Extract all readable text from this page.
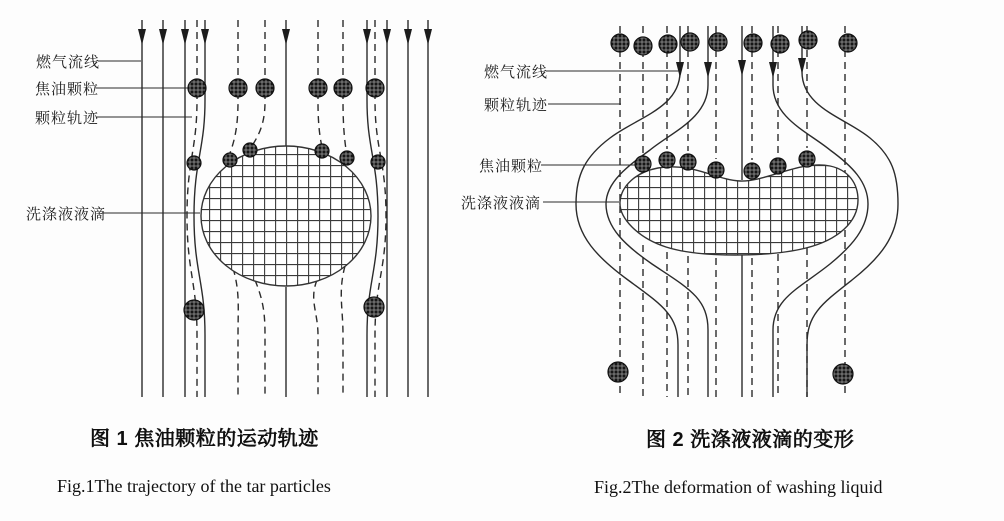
燃气流线
焦油颗粒
颗粒轨迹
洗涤液液滴
燃气流线
颗粒轨迹
焦油颗粒
洗涤液液滴
图 1 焦油颗粒的运动轨迹
Fig.1The trajectory of the tar particles
图 2 洗涤液液滴的变形
Fig.2The deformation of washing liquid
